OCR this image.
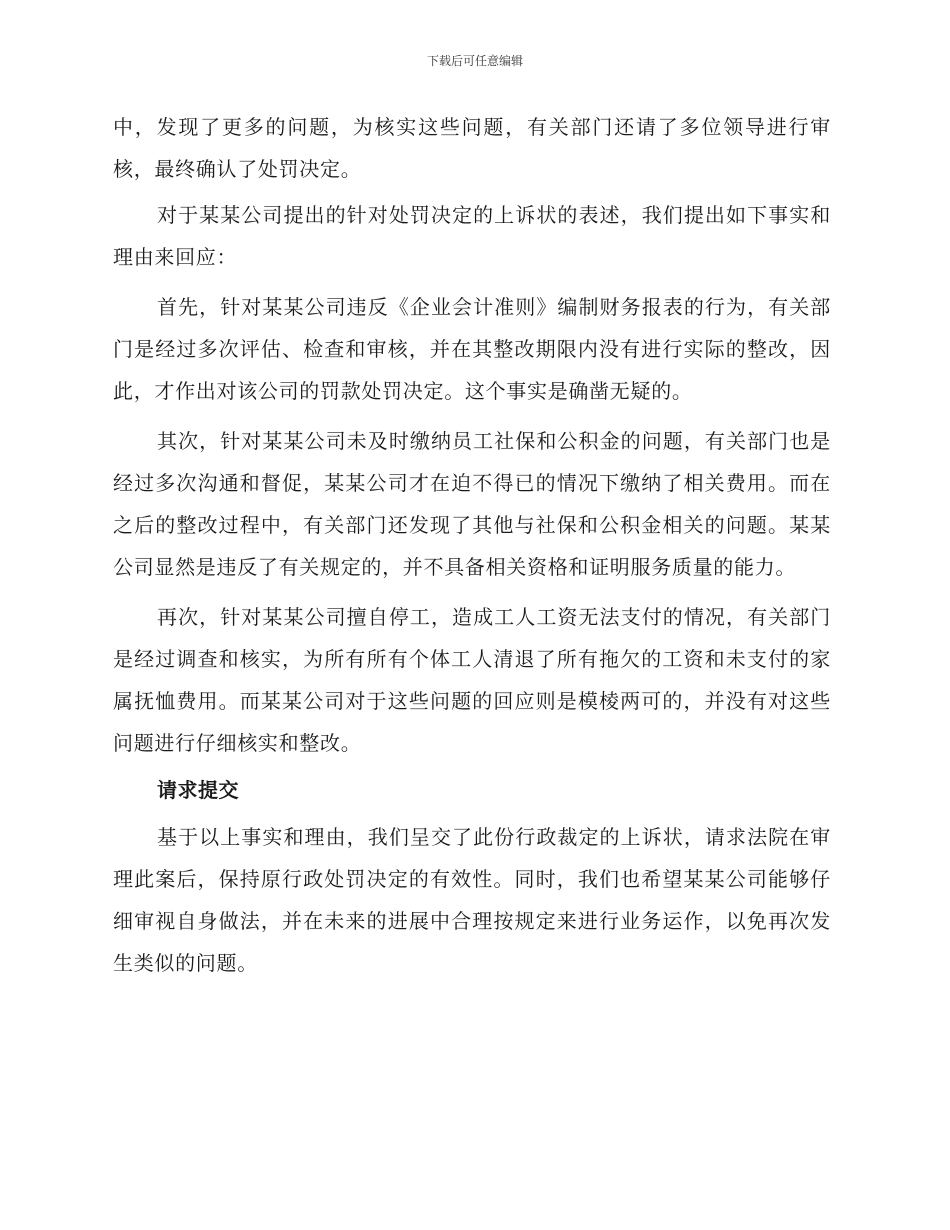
下载后可任意编辑

中，发现了更多的问题，为核实这些问题，有关部门还请了多位领导进行审核，最终确认了处罚决定。

对于某某公司提出的针对处罚决定的上诉状的表述，我们提出如下事实和理由来回应：

首先，针对某某公司违反《企业会计准则》编制财务报表的行为，有关部门是经过多次评估、检查和审核，并在其整改期限内没有进行实际的整改，因此，才作出对该公司的罚款处罚决定。这个事实是确凿无疑的。

其次，针对某某公司未及时缴纳员工社保和公积金的问题，有关部门也是经过多次沟通和督促，某某公司才在迫不得已的情况下缴纳了相关费用。而在之后的整改过程中，有关部门还发现了其他与社保和公积金相关的问题。某某公司显然是违反了有关规定的，并不具备相关资格和证明服务质量的能力。

再次，针对某某公司擅自停工，造成工人工资无法支付的情况，有关部门是经过调查和核实，为所有所有个体工人清退了所有拖欠的工资和未支付的家属抚恤费用。而某某公司对于这些问题的回应则是模棱两可的，并没有对这些问题进行仔细核实和整改。

请求提交

基于以上事实和理由，我们呈交了此份行政裁定的上诉状，请求法院在审理此案后，保持原行政处罚决定的有效性。同时，我们也希望某某公司能够仔细审视自身做法，并在未来的进展中合理按规定来进行业务运作，以免再次发生类似的问题。
